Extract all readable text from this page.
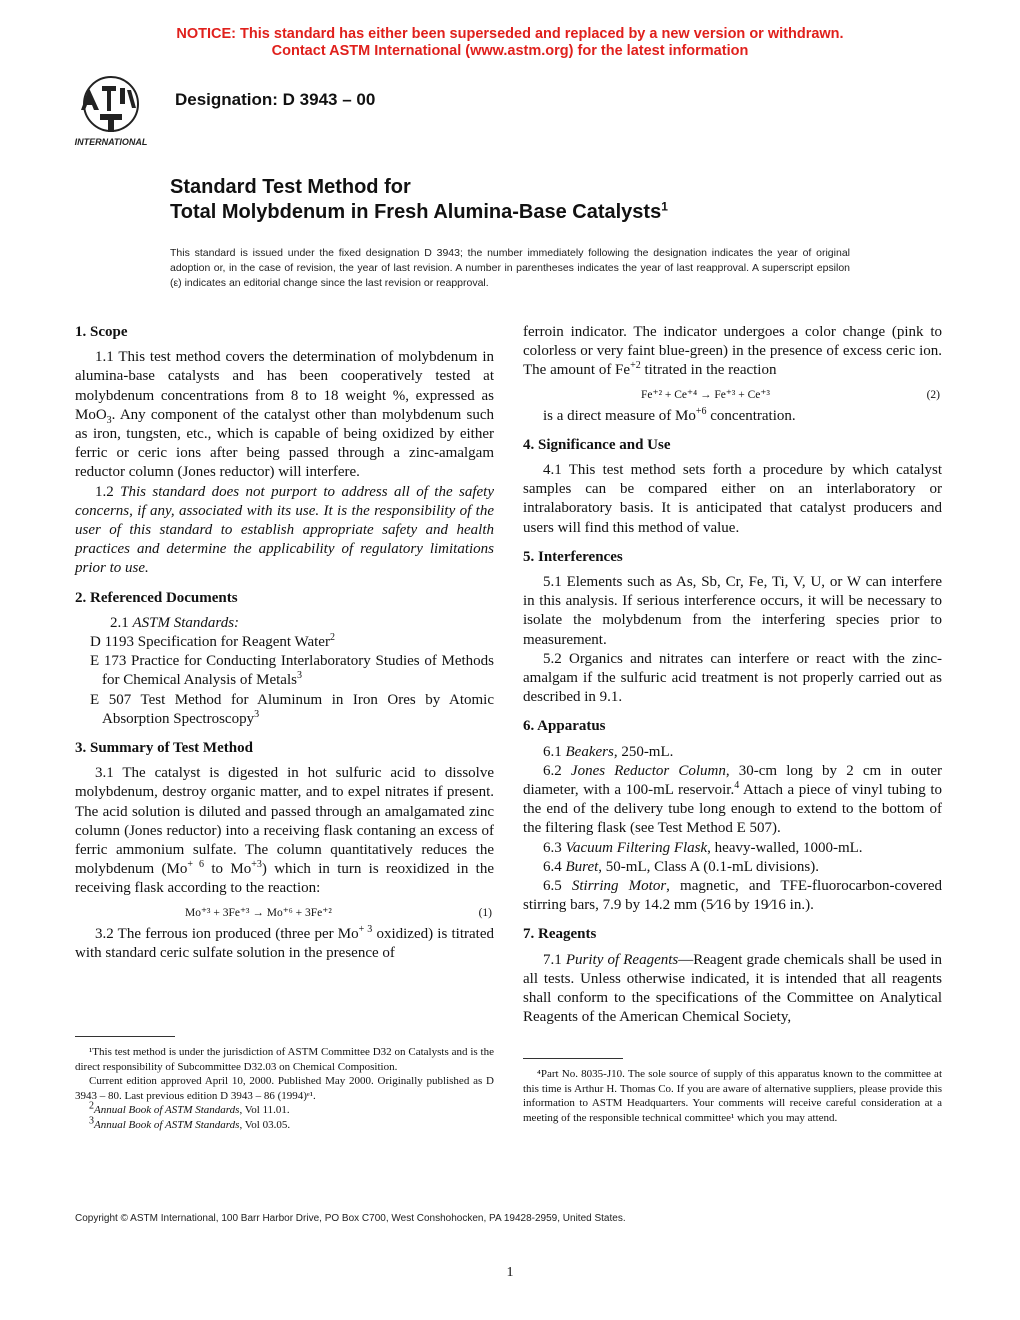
NOTICE: This standard has either been superseded and replaced by a new version or withdrawn.
Contact ASTM International (www.astm.org) for the latest information
INTERNATIONAL
Designation: D 3943 – 00
Standard Test Method for
Total Molybdenum in Fresh Alumina-Base Catalysts$^1$
This standard is issued under the fixed designation D 3943; the number immediately following the designation indicates the year of original adoption or, in the case of revision, the year of last revision. A number in parentheses indicates the year of last reapproval. A superscript epsilon (ε) indicates an editorial change since the last revision or reapproval.
1. Scope

1.1 This test method covers the determination of molybdenum in alumina-base catalysts and has been cooperatively tested at molybdenum concentrations from 8 to 18 weight %, expressed as MoO$_3$. Any component of the catalyst other than molybdenum such as iron, tungsten, etc., which is capable of being oxidized by either ferric or ceric ions after being passed through a zinc-amalgam reductor column (Jones reductor) will interfere.

1.2 This standard does not purport to address all of the safety concerns, if any, associated with its use. It is the responsibility of the user of this standard to establish appropriate safety and health practices and determine the applicability of regulatory limitations prior to use.

2. Referenced Documents

2.1 ASTM Standards:

D 1193 Specification for Reagent Water$^2$

E 173 Practice for Conducting Interlaboratory Studies of Methods for Chemical Analysis of Metals$^3$

E 507 Test Method for Aluminum in Iron Ores by Atomic Absorption Spectroscopy$^3$

3. Summary of Test Method

3.1 The catalyst is digested in hot sulfuric acid to dissolve molybdenum, destroy organic matter, and to expel nitrates if present. The acid solution is diluted and passed through an amalgamated zinc column (Jones reductor) into a receiving flask contaning an excess of ferric ammonium sulfate. The column quantitatively reduces the molybdenum ($Mo^{+ 6}$ to $Mo^{+3}$) which in turn is reoxidized in the receiving flask according to the reaction:

Mo⁺³ + 3Fe⁺³ → Mo⁺⁶ + 3Fe⁺²	(1)

3.2 The ferrous ion produced (three per $Mo^{+ 3}$ oxidized) is titrated with standard ceric sulfate solution in the presence of

ferroin indicator. The indicator undergoes a color change (pink to colorless or very faint blue-green) in the presence of excess ceric ion. The amount of $Fe^{+2}$ titrated in the reaction

Fe⁺² + Ce⁺⁴ → Fe⁺³ + Ce⁺³	(2)

is a direct measure of $Mo^{+6}$ concentration.

4. Significance and Use

4.1 This test method sets forth a procedure by which catalyst samples can be compared either on an interlaboratory or intralaboratory basis. It is anticipated that catalyst producers and users will find this method of value.

5. Interferences

5.1 Elements such as As, Sb, Cr, Fe, Ti, V, U, or W can interfere in this analysis. If serious interference occurs, it will be necessary to isolate the molybdenum from the interfering species prior to measurement.

5.2 Organics and nitrates can interfere or react with the zinc-amalgam if the sulfuric acid treatment is not properly carried out as described in 9.1.

6. Apparatus

6.1 Beakers, 250-mL.

6.2 Jones Reductor Column, 30-cm long by 2 cm in outer diameter, with a 100-mL reservoir.$^4$ Attach a piece of vinyl tubing to the end of the delivery tube long enough to extend to the bottom of the filtering flask (see Test Method E 507).

6.3 Vacuum Filtering Flask, heavy-walled, 1000-mL.

6.4 Buret, 50-mL, Class A (0.1-mL divisions).

6.5 Stirring Motor, magnetic, and TFE-fluorocarbon-covered stirring bars, 7.9 by 14.2 mm (5⁄16 by 19⁄16 in.).

7. Reagents

7.1 Purity of Reagents—Reagent grade chemicals shall be used in all tests. Unless otherwise indicated, it is intended that all reagents shall conform to the specifications of the Committee on Analytical Reagents of the American Chemical Society,

¹This test method is under the jurisdiction of ASTM Committee D32 on Catalysts and is the direct responsibility of Subcommittee D32.03 on Chemical Composition.

Current edition approved April 10, 2000. Published May 2000. Originally published as D 3943 – 80. Last previous edition D 3943 – 86 (1994)ᵉ¹.

$^2$Annual Book of ASTM Standards, Vol 11.01.

$^3$Annual Book of ASTM Standards, Vol 03.05.

⁴Part No. 8035-J10. The sole source of supply of this apparatus known to the committee at this time is Arthur H. Thomas Co. If you are aware of alternative suppliers, please provide this information to ASTM Headquarters. Your comments will receive careful consideration at a meeting of the responsible technical committee¹ which you may attend.

Copyright © ASTM International, 100 Barr Harbor Drive, PO Box C700, West Conshohocken, PA 19428-2959, United States.
1
